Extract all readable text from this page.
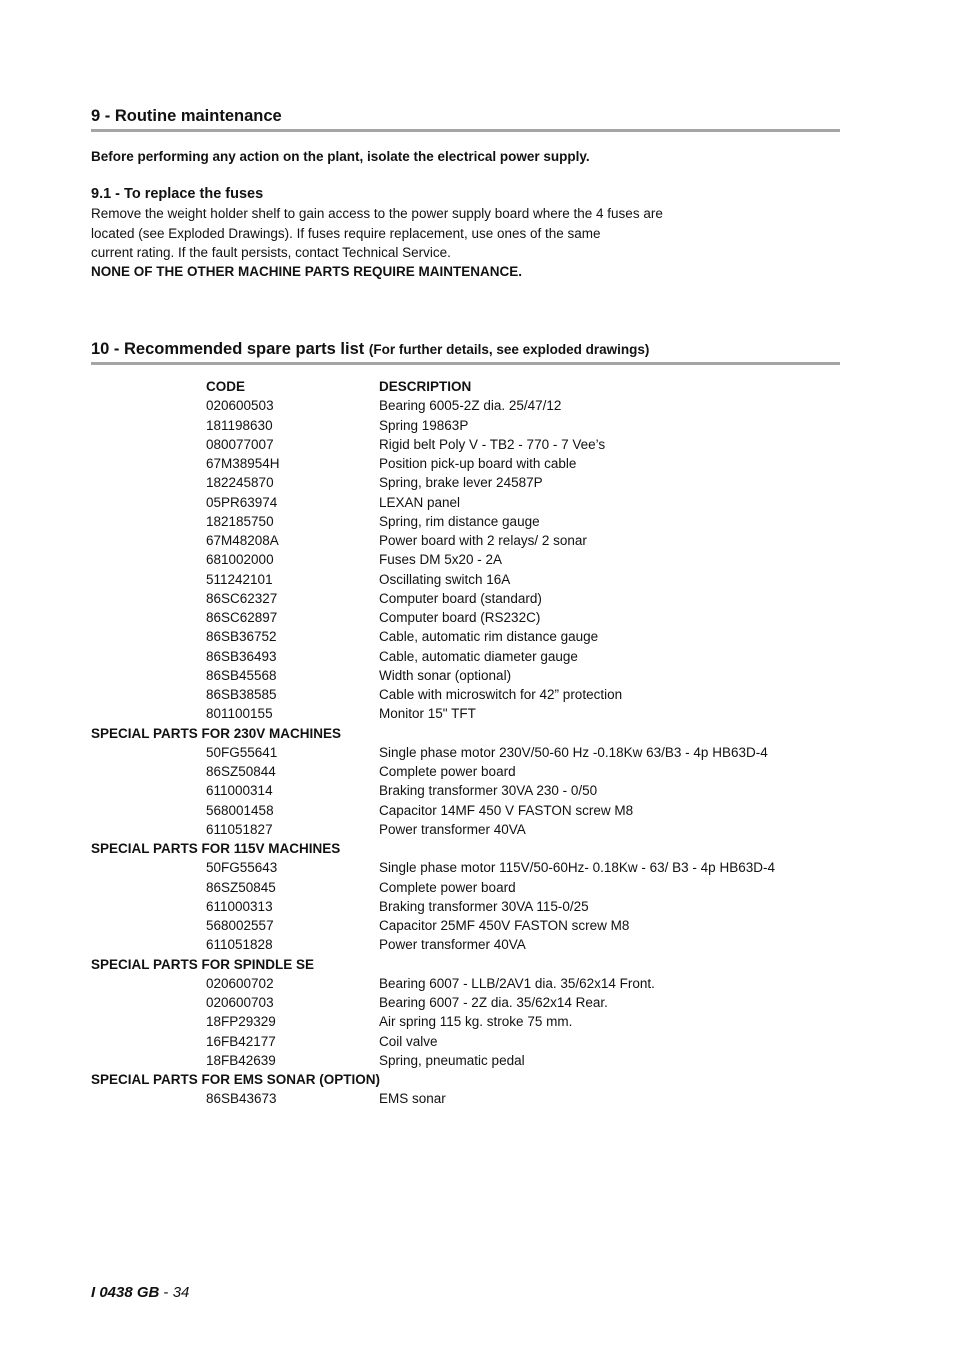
9 - Routine maintenance
Before performing any action on the plant, isolate the electrical power supply.
9.1 - To replace the fuses
Remove the weight holder shelf to gain access to the power supply board where the 4 fuses are
located (see Exploded Drawings). If fuses require replacement, use ones of the same
current rating. If the fault persists, contact Technical Service.
NONE OF THE OTHER MACHINE PARTS REQUIRE MAINTENANCE.
10 - Recommended spare parts list (For further details, see exploded drawings)
CODE	DESCRIPTION
020600503	Bearing 6005-2Z dia. 25/47/12
181198630	Spring 19863P
080077007	Rigid belt Poly V - TB2 - 770 - 7 Vee’s
67M38954H	Position pick-up board with cable
182245870	Spring, brake lever 24587P
05PR63974	LEXAN panel
182185750	Spring, rim distance gauge
67M48208A	Power board with 2 relays/ 2 sonar
681002000	Fuses DM 5x20 - 2A
511242101	Oscillating switch 16A
86SC62327	Computer board (standard)
86SC62897	Computer board (RS232C)
86SB36752	Cable, automatic rim distance gauge
86SB36493	Cable, automatic diameter gauge
86SB45568	Width sonar (optional)
86SB38585	Cable with microswitch for 42” protection
801100155	Monitor 15" TFT
SPECIAL PARTS FOR 230V MACHINES
50FG55641	Single phase motor 230V/50-60 Hz -0.18Kw 63/B3 - 4p HB63D-4
86SZ50844	Complete power board
611000314	Braking transformer 30VA 230 - 0/50
568001458	Capacitor 14MF 450 V FASTON screw M8
611051827	Power transformer 40VA
SPECIAL PARTS FOR 115V MACHINES
50FG55643	Single phase motor 115V/50-60Hz- 0.18Kw - 63/ B3 - 4p HB63D-4
86SZ50845	Complete power board
611000313	Braking transformer 30VA 115-0/25
568002557	Capacitor 25MF 450V FASTON screw M8
611051828	Power transformer 40VA
SPECIAL PARTS FOR SPINDLE SE
020600702	Bearing 6007 - LLB/2AV1 dia. 35/62x14 Front.
020600703	Bearing 6007 - 2Z dia. 35/62x14 Rear.
18FP29329	Air spring 115 kg. stroke 75 mm.
16FB42177	Coil valve
18FB42639	Spring, pneumatic pedal
SPECIAL PARTS FOR EMS SONAR (OPTION)
86SB43673	EMS sonar
I 0438 GB - 34
